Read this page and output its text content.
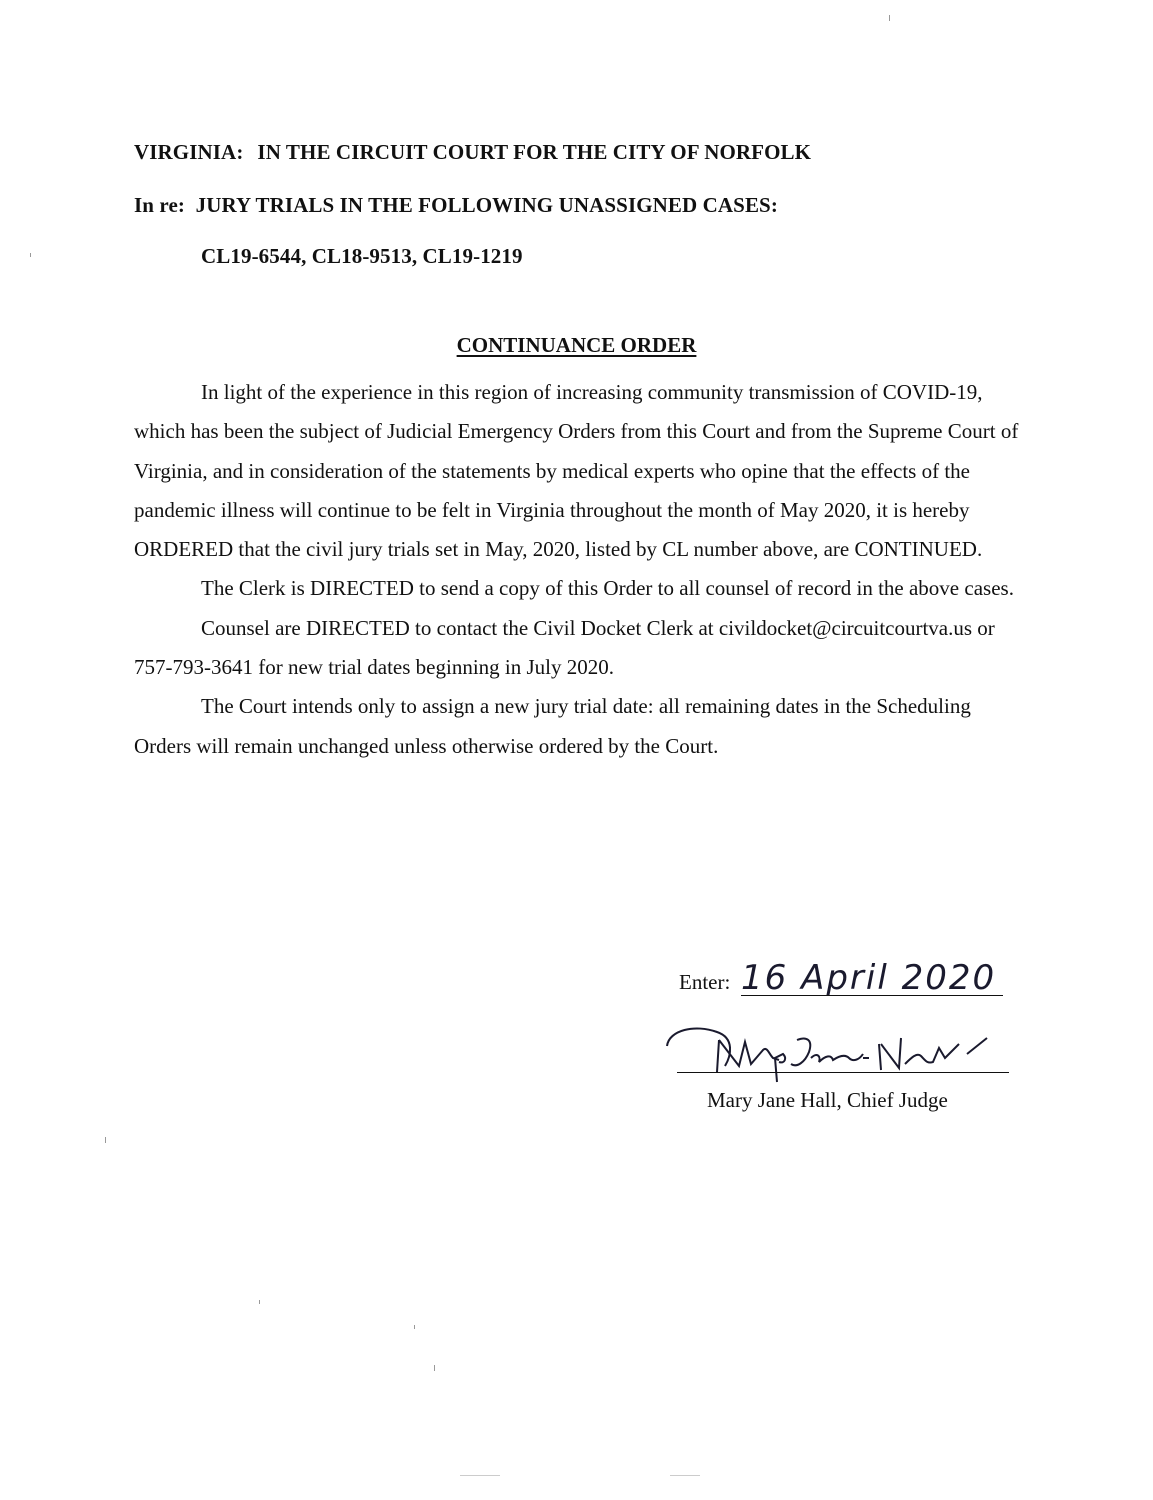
VIRGINIA: IN THE CIRCUIT COURT FOR THE CITY OF NORFOLK
In re:  JURY TRIALS IN THE FOLLOWING UNASSIGNED CASES:
CL19-6544, CL18-9513, CL19-1219
CONTINUANCE ORDER

In light of the experience in this region of increasing community transmission of COVID-19, which has been the subject of Judicial Emergency Orders from this Court and from the Supreme Court of Virginia, and in consideration of the statements by medical experts who opine that the effects of the pandemic illness will continue to be felt in Virginia throughout the month of May 2020, it is hereby ORDERED that the civil jury trials set in May, 2020, listed by CL number above, are CONTINUED.

The Clerk is DIRECTED to send a copy of this Order to all counsel of record in the above cases.

Counsel are DIRECTED to contact the Civil Docket Clerk at civildocket@circuitcourtva.us or 757-793-3641 for new trial dates beginning in July 2020.

The Court intends only to assign a new jury trial date: all remaining dates in the Scheduling Orders will remain unchanged unless otherwise ordered by the Court.

Enter: 16 April 2020
Mary Jane Hall, Chief Judge
